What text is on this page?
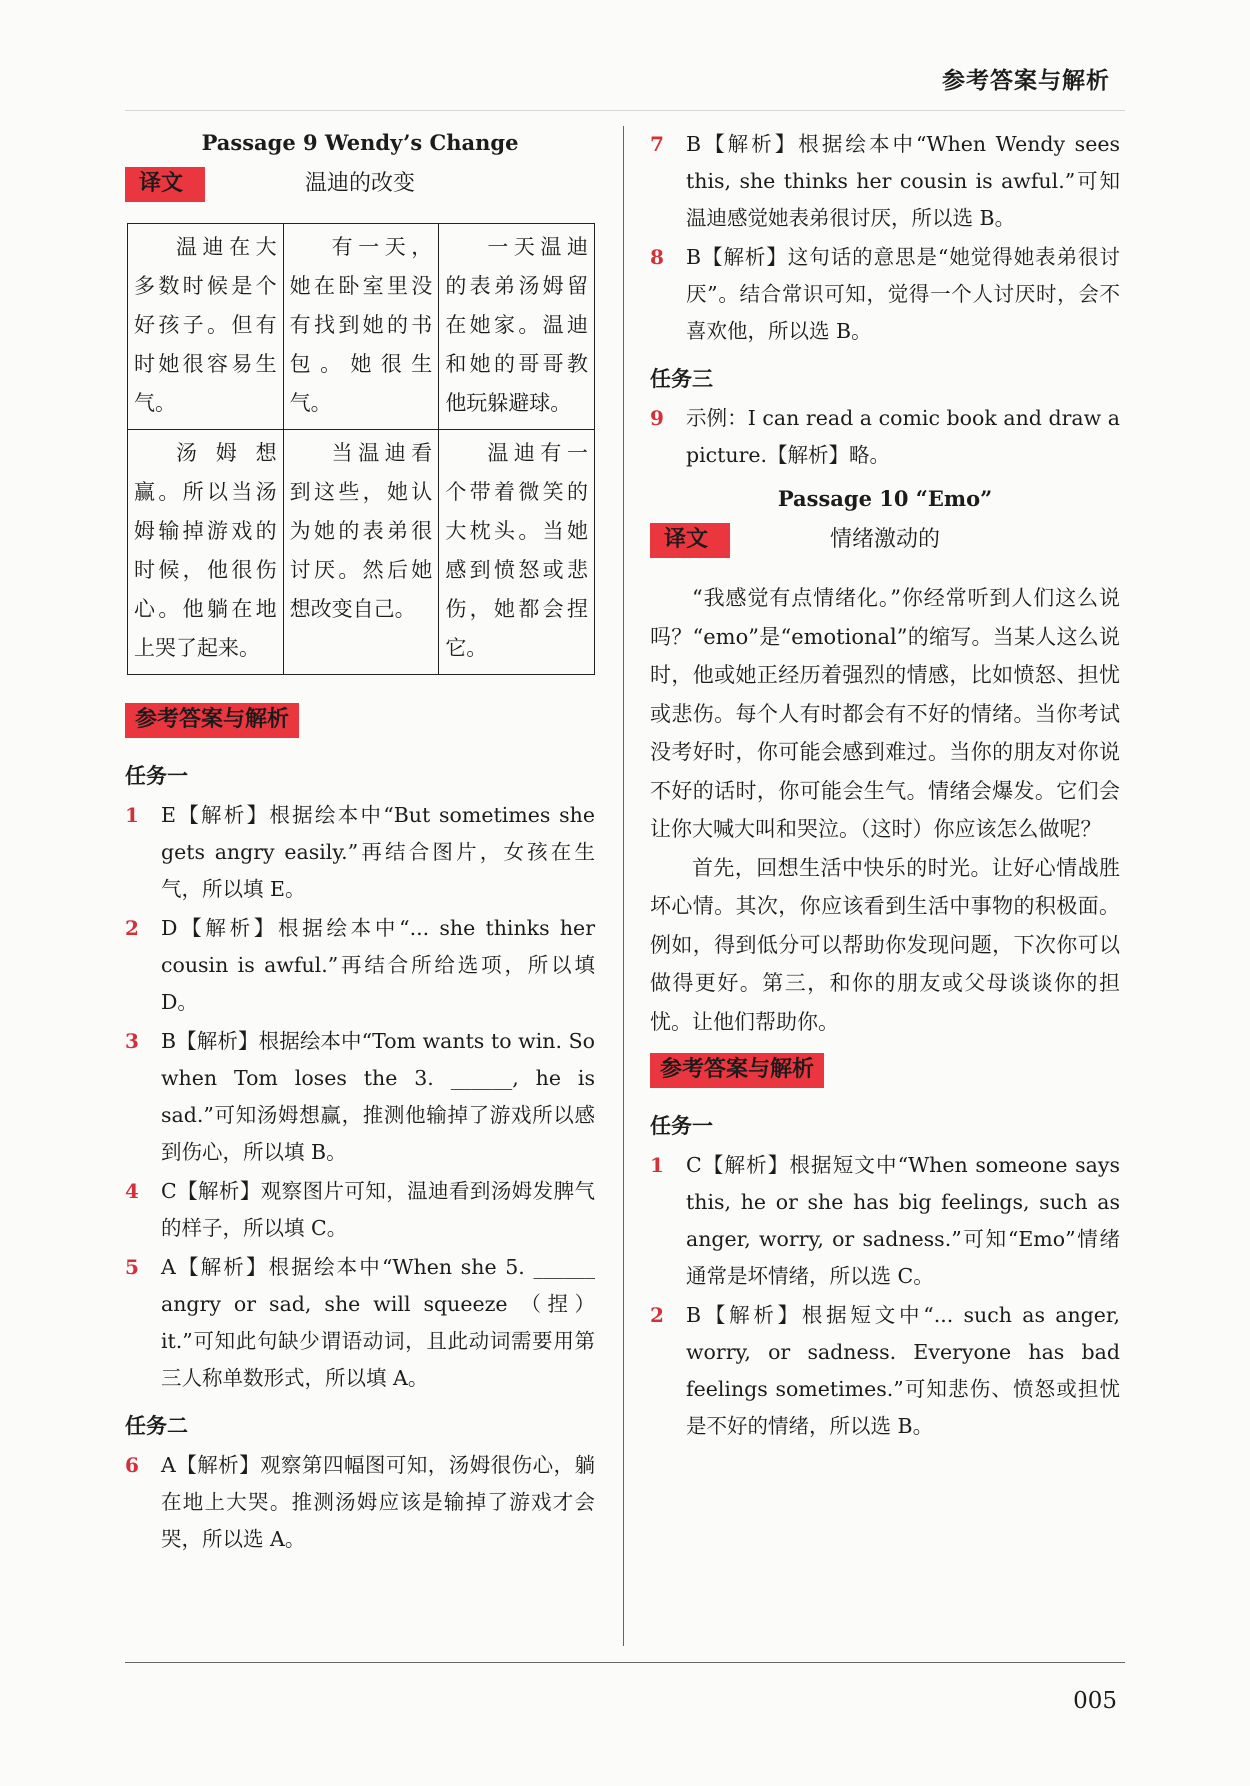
参考答案与解析
Passage 9 Wendy’s Change
译文	温迪的改变
温迪在大多数时候是个好孩子。但有时她很容易生气。	有一天，她在卧室里没有找到她的书包。她很生气。	一天温迪的表弟汤姆留在她家。温迪和她的哥哥教他玩躲避球。
汤姆想赢。所以当汤姆输掉游戏的时候，他很伤心。他躺在地上哭了起来。	当温迪看到这些，她认为她的表弟很讨厌。然后她想改变自己。	温迪有一个带着微笑的大枕头。当她感到愤怒或悲伤，她都会捏它。
参考答案与解析
任务一
1 E【解析】根据绘本中“But sometimes she gets angry easily.”再结合图片，女孩在生气，所以填 E。
2 D【解析】根据绘本中“... she thinks her cousin is awful.”再结合所给选项，所以填 D。
3 B【解析】根据绘本中“Tom wants to win. So when Tom loses the 3. ______, he is sad.”可知汤姆想赢，推测他输掉了游戏所以感到伤心，所以填 B。
4 C【解析】观察图片可知，温迪看到汤姆发脾气的样子，所以填 C。
5 A【解析】根据绘本中“When she 5. ______ angry or sad, she will squeeze （捏） it.”可知此句缺少谓语动词，且此动词需要用第三人称单数形式，所以填 A。
任务二
6 A【解析】观察第四幅图可知，汤姆很伤心，躺在地上大哭。推测汤姆应该是输掉了游戏才会哭，所以选 A。
7 B【解析】根据绘本中“When Wendy sees this, she thinks her cousin is awful.”可知温迪感觉她表弟很讨厌，所以选 B。
8 B【解析】这句话的意思是“她觉得她表弟很讨厌”。结合常识可知，觉得一个人讨厌时，会不喜欢他，所以选 B。
任务三
9 示例：I can read a comic book and draw a picture.【解析】略。
Passage 10 “Emo”
译文	情绪激动的

“我感觉有点情绪化。”你经常听到人们这么说吗？“emo”是“emotional”的缩写。当某人这么说时，他或她正经历着强烈的情感，比如愤怒、担忧或悲伤。每个人有时都会有不好的情绪。当你考试没考好时，你可能会感到难过。当你的朋友对你说不好的话时，你可能会生气。情绪会爆发。它们会让你大喊大叫和哭泣。（这时）你应该怎么做呢？

首先，回想生活中快乐的时光。让好心情战胜坏心情。其次，你应该看到生活中事物的积极面。例如，得到低分可以帮助你发现问题，下次你可以做得更好。第三，和你的朋友或父母谈谈你的担忧。让他们帮助你。

参考答案与解析
任务一
1 C【解析】根据短文中“When someone says this, he or she has big feelings, such as anger, worry, or sadness.”可知“Emo”情绪通常是坏情绪，所以选 C。
2 B【解析】根据短文中“... such as anger, worry, or sadness. Everyone has bad feelings sometimes.”可知悲伤、愤怒或担忧是不好的情绪，所以选 B。
005
